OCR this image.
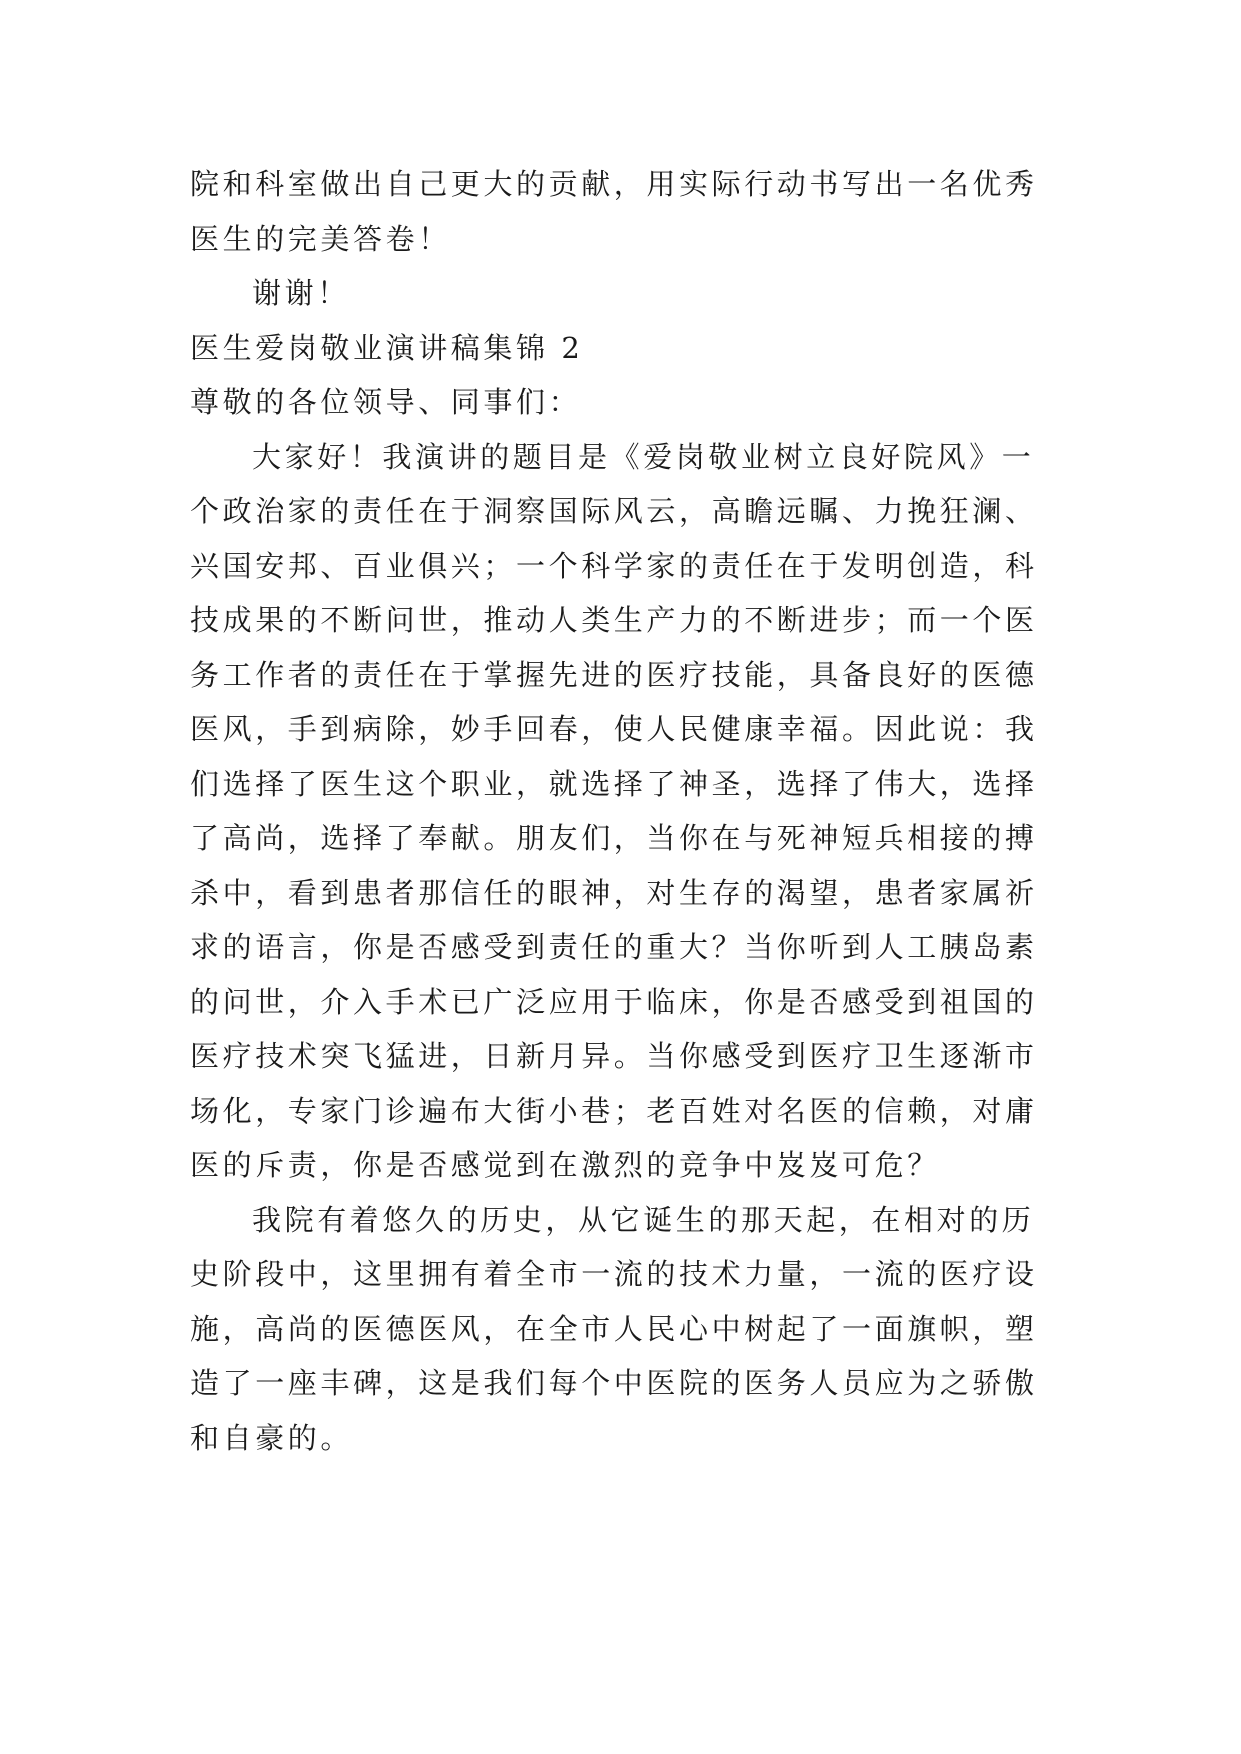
院和科室做出自己更大的贡献，用实际行动书写出一名优秀
医生的完美答卷！
谢谢！
医生爱岗敬业演讲稿集锦 2
尊敬的各位领导、同事们：
大家好！我演讲的题目是《爱岗敬业树立良好院风》一
个政治家的责任在于洞察国际风云，高瞻远瞩、力挽狂澜、
兴国安邦、百业俱兴；一个科学家的责任在于发明创造，科
技成果的不断问世，推动人类生产力的不断进步；而一个医
务工作者的责任在于掌握先进的医疗技能，具备良好的医德
医风，手到病除，妙手回春，使人民健康幸福。因此说：我
们选择了医生这个职业，就选择了神圣，选择了伟大，选择
了高尚，选择了奉献。朋友们，当你在与死神短兵相接的搏
杀中，看到患者那信任的眼神，对生存的渴望，患者家属祈
求的语言，你是否感受到责任的重大？当你听到人工胰岛素
的问世，介入手术已广泛应用于临床，你是否感受到祖国的
医疗技术突飞猛进，日新月异。当你感受到医疗卫生逐渐市
场化，专家门诊遍布大街小巷；老百姓对名医的信赖，对庸
医的斥责，你是否感觉到在激烈的竞争中岌岌可危？
我院有着悠久的历史，从它诞生的那天起，在相对的历
史阶段中，这里拥有着全市一流的技术力量，一流的医疗设
施，高尚的医德医风，在全市人民心中树起了一面旗帜，塑
造了一座丰碑，这是我们每个中医院的医务人员应为之骄傲
和自豪的。
